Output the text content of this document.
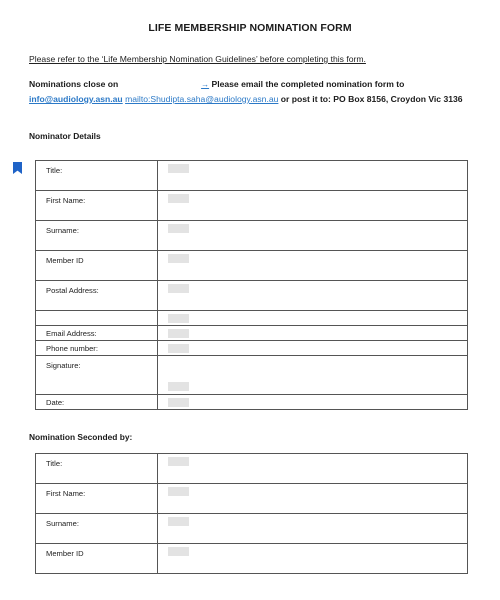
LIFE MEMBERSHIP NOMINATION FORM
Please refer to the ‘Life Membership Nomination Guidelines’ before completing this form.
Nominations close on	→ Please email the completed nomination form to info@audiology.asn.au mailto:Shudipta.saha@audiology.asn.au or post it to: PO Box 8156, Croydon Vic 3136
Nominator Details
Title:	

First Name:	

Surname:	

Member ID	

Postal Address:	

Email Address:	

Phone number:	

Signature:	

Date:	
Nomination Seconded by:
Title:	

First Name:	

Surname:	

Member ID	
